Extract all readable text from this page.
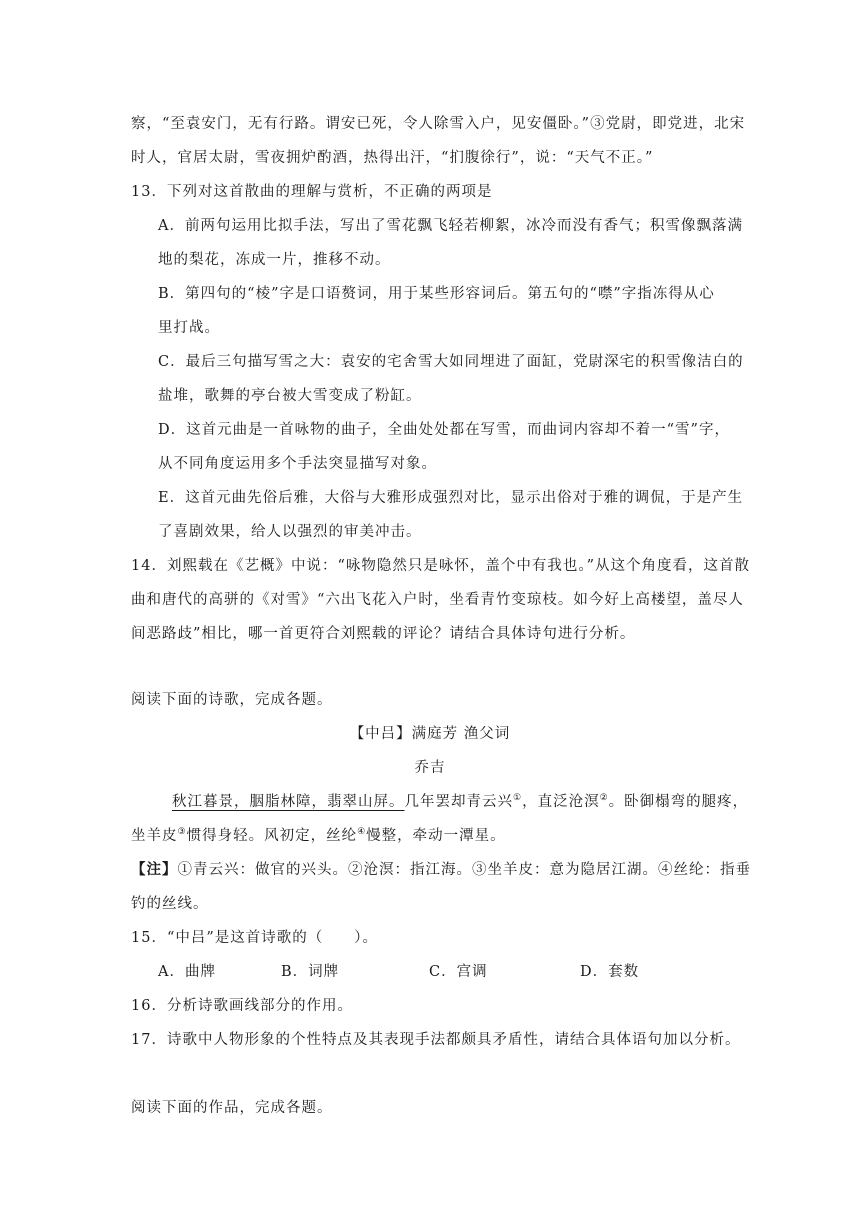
察，“至袁安门，无有行路。谓安已死，令人除雪入户，见安僵卧。”③党尉，即党进，北宋
时人，官居太尉，雪夜拥炉酌酒，热得出汗，“扪腹徐行”，说：“天气不正。”
13．下列对这首散曲的理解与赏析，不正确的两项是
A．前两句运用比拟手法，写出了雪花飘飞轻若柳絮，冰冷而没有香气；积雪像飘落满
地的梨花，冻成一片，推移不动。
B．第四句的“棱”字是口语赘词，用于某些形容词后。第五句的“噤”字指冻得从心
里打战。
C．最后三句描写雪之大：袁安的宅舍雪大如同埋进了面缸，党尉深宅的积雪像洁白的
盐堆，歌舞的亭台被大雪变成了粉缸。
D．这首元曲是一首咏物的曲子，全曲处处都在写雪，而曲词内容却不着一“雪”字，
从不同角度运用多个手法突显描写对象。
E．这首元曲先俗后雅，大俗与大雅形成强烈对比，显示出俗对于雅的调侃，于是产生
了喜剧效果，给人以强烈的审美冲击。
14．刘熙载在《艺概》中说：“咏物隐然只是咏怀，盖个中有我也。”从这个角度看，这首散
曲和唐代的高骈的《对雪》“六出飞花入户时，坐看青竹变琼枝。如今好上高楼望，盖尽人
间恶路歧”相比，哪一首更符合刘熙载的评论？请结合具体诗句进行分析。
阅读下面的诗歌，完成各题。
【中吕】满庭芳 渔父词
乔吉
秋江暮景，胭脂林障，翡翠山屏。几年罢却青云兴①，直泛沧溟②。卧御榻弯的腿疼，
坐羊皮③惯得身轻。风初定，丝纶④慢整，牵动一潭星。
【注】①青云兴：做官的兴头。②沧溟：指江海。③坐羊皮：意为隐居江湖。④丝纶：指垂
钓的丝线。
15．“中吕”是这首诗歌的（　　）。
A．曲牌	B．词牌	C．宫调	D．套数
16．分析诗歌画线部分的作用。
17．诗歌中人物形象的个性特点及其表现手法都颇具矛盾性，请结合具体语句加以分析。
阅读下面的作品，完成各题。
